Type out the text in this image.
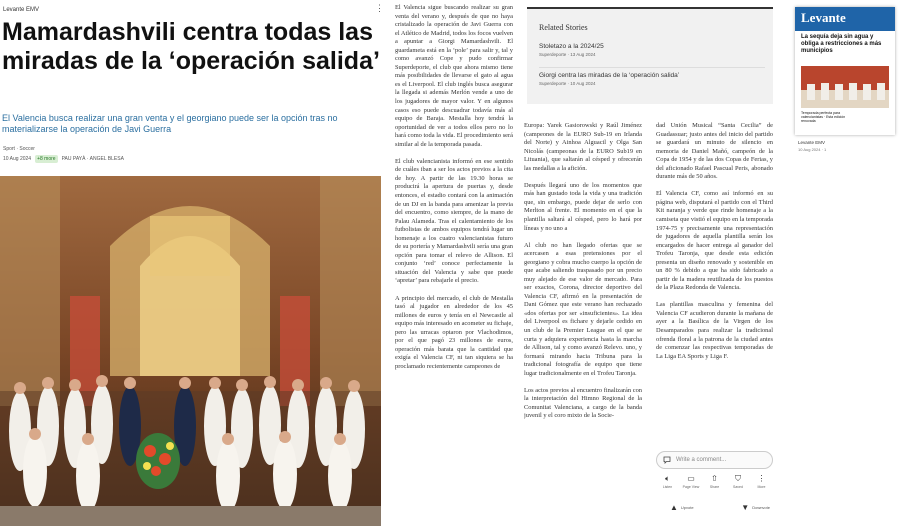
Levante EMV	⋮
Mamardashvili centra todas las miradas de la ‘operación salida’
El Valencia busca realizar una gran venta y el georgiano puede ser la opción tras no materializarse la operación de Javi Guerra
Sport · Soccer
10 Aug 2024	+8 more	PAU PAYÀ · ANGEL BLESA

El Valencia sigue buscando realizar su gran venta del verano y, después de que no haya cristalizado la operación de Javi Guerra con el Atlético de Madrid, todos los focos vuelven a apuntar a Giorgi Mamardashvili. El guardameta está en la ‘pole’ para salir y, tal y como avanzó Cope y pudo confirmar Superdeporte, el club que ahora mismo tiene más posibilidades de llevarse el gato al agua es el Liverpool. El club inglés busca asegurar la llegada si además Merlón vende a uno de los jugadores de mayor valor. Y en algunos casos eso puede descuadrar todavía más al equipo de Baraja. Mestalla hoy tendrá la oportunidad de ver a todos ellos pero no lo hará como toda la vida. El procedimiento será similar al de la temporada pasada.

El club valencianista informó en ese sentido de cuáles iban a ser los actos previos a la cita de hoy. A partir de las 19.30 horas se producirá la apertura de puertas y, desde entonces, el estadio contará con la animación de un DJ en la banda para amenizar la previa del encuentro, como siempre, de la mano de Palau Alameda. Tras el calentamiento de los futbolistas de ambos equipos tendrá lugar un homenaje a los cuatro valencianistas futuro de su portería y Mamardashvili sería una gran opción para tomar el relevo de Allison. El conjunto ‘red’ conoce perfectamente la situación del Valencia y sabe que puede ‘apretar’ para rebajarle el precio.

A principio del mercado, el club de Mestalla tasó al jugador en alrededor de los 45 millones de euros y tenía en el Newcastle al equipo más interesado en acometer su fichaje, pero las urracas optaron por Vlachodimos, por el que pagó 23 millones de euros, operación más barata que la cantidad que exigía el Valencia CF, ni tan siquiera se ha proclamado recientemente campeones de

Related Stories
Stoletazo a la 2024/25
Superdeporte · 13 Aug 2024
Giorgi centra las miradas de la ‘operación salida’
Superdeporte · 10 Aug 2024

Europa: Yarek Gasiorowski y Raúl Jiménez (campeones de la EURO Sub-19 en Irlanda del Norte) y Ainhoa Alguacil y Olga San Nicolás (campeonas de la EURO Sub19 en Lituania), que saltarán al césped y ofrecerán las medallas a la afición.

Después llegará uno de los momentos que más han gustado toda la vida y una tradición que, sin embargo, puede dejar de serlo con Merlton al frente. El momento en el que la plantilla saltará al césped, pero lo hará por líneas y no uno a

Al club no han llegado ofertas que se acercasen a esas pretensiones por el georgiano y cobra mucho cuerpo la opción de que acabe saliendo traspasado por un precio muy alejado de ese valor de mercado. Para ser exactos, Corona, director deportivo del Valencia CF, afirmó en la presentación de Dani Gómez que este verano han rechazado «dos ofertas por ser «insuficientes». La idea del Liverpool es fichare y dejarle cedido en un club de la Premier League en el que se curta y adquiera experiencia hasta la marcha de Allison, tal y como avanzó Relevo. uno, y formará mirando hacia Tribuna para la tradicional fotografía de equipo que tiene lugar tradicionalmente en el Trofeu Taronja.

Los actos previos al encuentro finalizarán con la interpretación del Himno Regional de la Comunitat Valenciana, a cargo de la banda juvenil y el coro mixto de la Socie-

dad Unión Musical “Santa Cecilia” de Guadassuar; justo antes del inicio del partido se guardará un minuto de silencio en memoria de Daniel Mañó, campeón de la Copa de 1954 y de las dos Copas de Ferias, y del aficionado Rafael Pascual Peris, abonado durante más de 50 años.

El Valencia CF, como así informó en su página web, disputará el partido con el Third Kit naranja y verde que rinde homenaje a la camiseta que vistió el equipo en la temporada 1974-75 y precisamente una representación de jugadores de aquella plantilla serán los encargados de hacer entrega al ganador del Trofeu Taronja, que desde esta edición presenta un diseño renovado y sostenible en un 80 % debido a que ha sido fabricado a partir de la madera reutilizada de los puestos de la Plaza Redonda de Valencia.

Las plantillas masculina y femenina del Valencia CF acudieron durante la mañana de ayer a la Basílica de la Virgen de los Desamparados para realizar la tradicional ofrenda floral a la patrona de la ciudad antes de comenzar las respectivas temporadas de La Liga EA Sports y Liga F.

Write a comment...
🔈︎
Listen
▭
Page View
⇧
Share
⛉
Saved
⋮
More
▲ Upvote	▼ Downvote
Levante
La sequía deja sin agua y obliga a restricciones a más municipios
Temporada perfecta para valencianistas · Esta edición renovada
Levante EMV
10 Aug 2024 · 1
